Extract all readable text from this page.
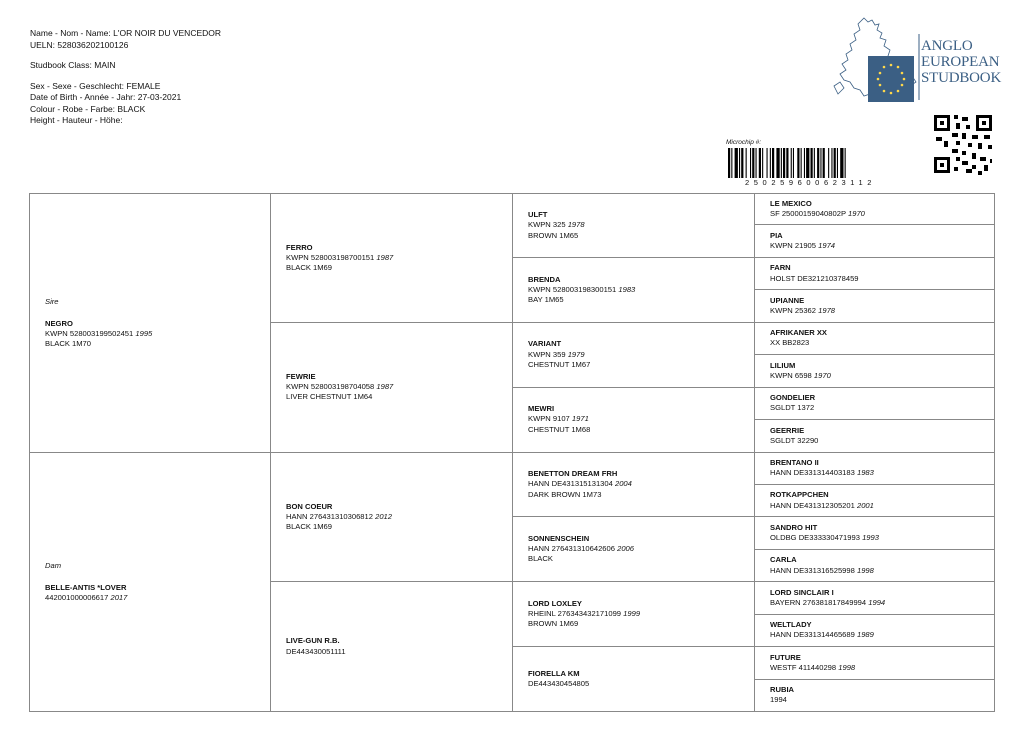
Name - Nom - Name: L'OR NOIR DU VENCEDOR
UELN: 528036202100126
Studbook Class: MAIN
Sex - Sexe - Geschlecht: FEMALE
Date of Birth - Année - Jahr: 27-03-2021
Colour - Robe - Farbe: BLACK
Height - Hauteur - Höhe:
ANGLO
EUROPEAN
STUDBOOK
Microchip #:
250259600623112
Sire
NEGRO
KWPN 528003199502451 1995
BLACK 1M70
Dam
BELLE-ANTIS *LOVER
442001000006617 2017
FERRO
KWPN 528003198700151 1987
BLACK 1M69
FEWRIE
KWPN 528003198704058 1987
LIVER CHESTNUT 1M64
BON COEUR
HANN 276431310306812 2012
BLACK 1M69
LIVE-GUN R.B.
DE443430051111
ULFT
KWPN 325 1978
BROWN 1M65
BRENDA
KWPN 528003198300151 1983
BAY 1M65
VARIANT
KWPN 359 1979
CHESTNUT 1M67
MEWRI
KWPN 9107 1971
CHESTNUT 1M68
BENETTON DREAM FRH
HANN DE431315131304 2004
DARK BROWN 1M73
SONNENSCHEIN
HANN 276431310642606 2006
BLACK
LORD LOXLEY
RHEINL 276343432171099 1999
BROWN 1M69
FIORELLA KM
DE443430454805
LE MEXICO
SF 25000159040802P 1970
PIA
KWPN 21905 1974
FARN
HOLST DE321210378459
UPIANNE
KWPN 25362 1978
AFRIKANER XX
XX BB2823
LILIUM
KWPN 6598 1970
GONDELIER
SGLDT 1372
GEERRIE
SGLDT 32290
BRENTANO II
HANN DE331314403183 1983
ROTKAPPCHEN
HANN DE431312305201 2001
SANDRO HIT
OLDBG DE333330471993 1993
CARLA
HANN DE331316525998 1998
LORD SINCLAIR I
BAYERN 276381817849994 1994
WELTLADY
HANN DE331314465689 1989
FUTURE
WESTF 411440298 1998
RUBIA
1994
